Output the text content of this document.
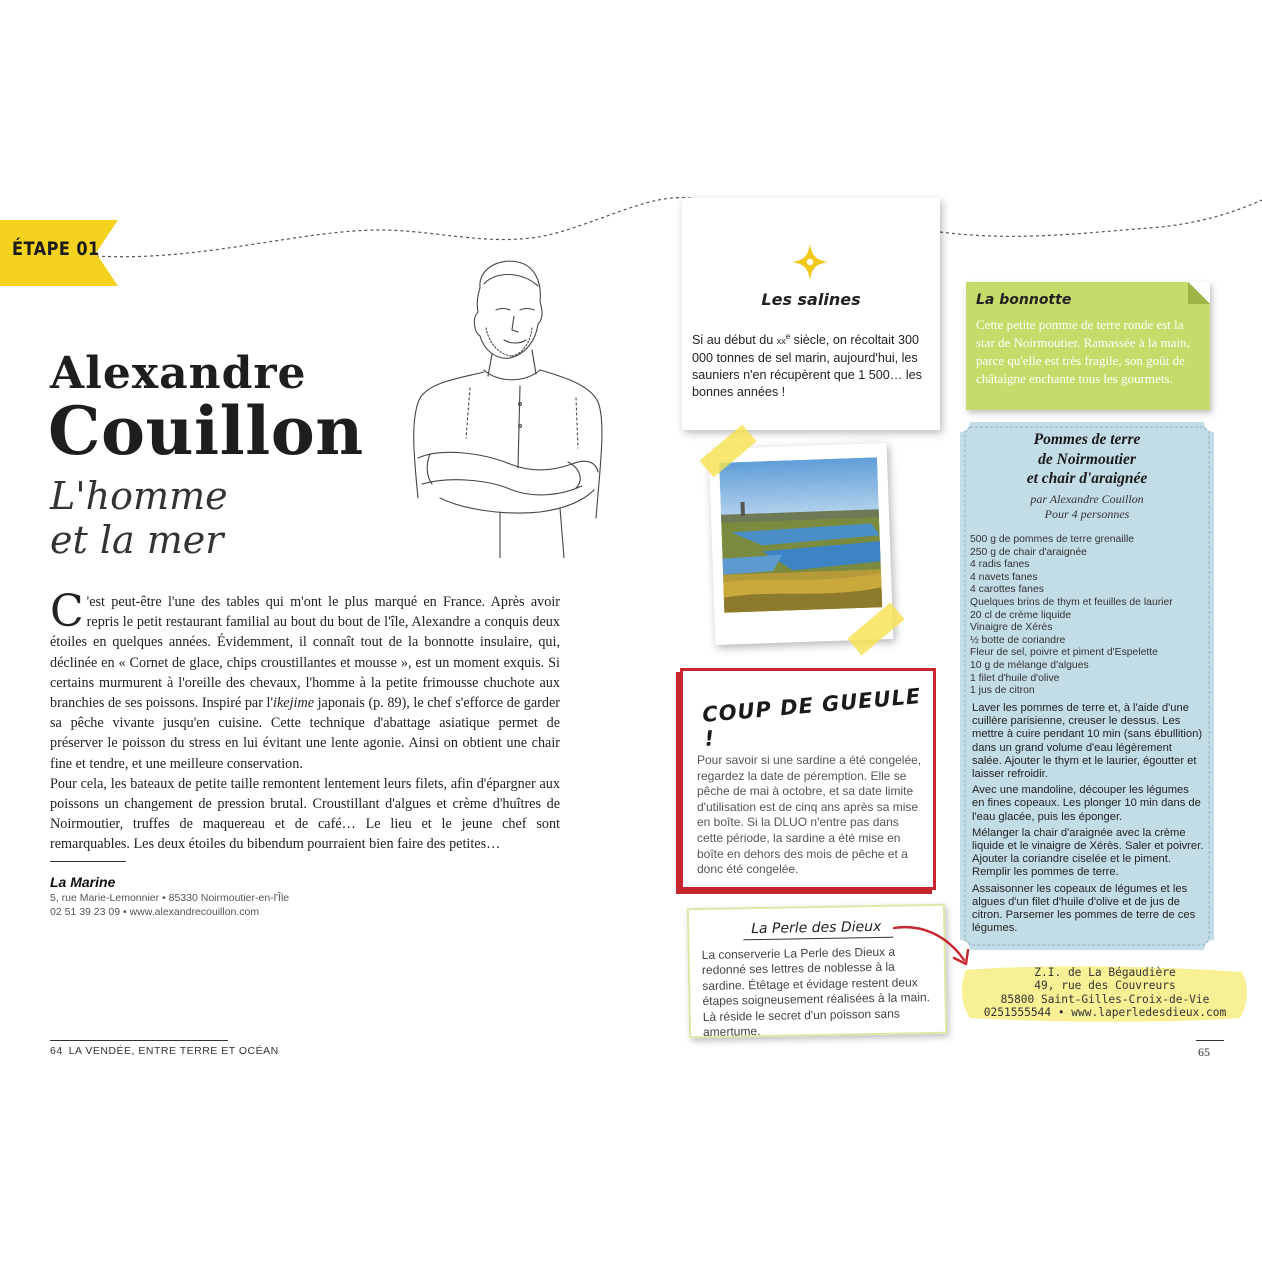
ÉTAPE 01
Alexandre
Couillon
L'homme
et la mer

C 'est peut-être l'une des tables qui m'ont le plus marqué en France. Après avoir repris le petit restaurant familial au bout du bout de l'île, Alexandre a conquis deux étoiles en quelques années. Évidemment, il connaît tout de la bonnotte insulaire, qui, déclinée en « Cornet de glace, chips croustillantes et mousse », est un moment exquis. Si certains murmurent à l'oreille des chevaux, l'homme à la petite frimousse chuchote aux branchies de ses poissons. Inspiré par l'ikejime japonais (p. 89), le chef s'efforce de garder sa pêche vivante jusqu'en cuisine. Cette technique d'abattage asiatique permet de préserver le poisson du stress en lui évitant une lente agonie. Ainsi on obtient une chair fine et tendre, et une meilleure conservation.

Pour cela, les bateaux de petite taille remontent lentement leurs filets, afin d'épargner aux poissons un changement de pression brutal. Croustillant d'algues et crème d'huîtres de Noirmoutier, truffes de maquereau et de café… Le lieu et le jeune chef sont remarquables. Les deux étoiles du bibendum pourraient bien faire des petites…

La Marine
5, rue Marie-Lemonnier • 85330 Noirmoutier-en-l'Île
02 51 39 23 09 • www.alexandrecouillon.com
64 LA VENDÉE, ENTRE TERRE ET OCÉAN	65
Les salines
Si au début du $xx^e$ siècle, on récoltait 300 000 tonnes de sel marin, aujourd'hui, les sauniers n'en récupèrent que 1 500… les bonnes années !
La bonnotte
Cette petite pomme de terre ronde est la star de Noirmoutier. Ramassée à la main, parce qu'elle est très fragile, son goût de châtaigne enchante tous les gourmets.
COUP DE GUEULE !
Pour savoir si une sardine a été congelée, regardez la date de péremption. Elle se pêche de mai à octobre, et sa date limite d'utilisation est de cinq ans après sa mise en boîte. Si la DLUO n'entre pas dans cette période, la sardine a été mise en boîte en dehors des mois de pêche et a donc été congelée.
La Perle des Dieux
La conserverie La Perle des Dieux a redonné ses lettres de noblesse à la sardine. Étêtage et évidage restent deux étapes soigneusement réalisées à la main. Là réside le secret d'un poisson sans amertume.
Pommes de terre
de Noirmoutier
et chair d'araignée
par Alexandre Couillon
Pour 4 personnes
500 g de pommes de terre grenaille
250 g de chair d'araignée
4 radis fanes
4 navets fanes
4 carottes fanes
Quelques brins de thym et feuilles de laurier
20 cl de crème liquide
Vinaigre de Xérès
½ botte de coriandre
Fleur de sel, poivre et piment d'Espelette
10 g de mélange d'algues
1 filet d'huile d'olive
1 jus de citron

Laver les pommes de terre et, à l'aide d'une cuillère parisienne, creuser le dessus. Les mettre à cuire pendant 10 min (sans ébullition) dans un grand volume d'eau légèrement salée. Ajouter le thym et le laurier, égoutter et laisser refroidir.

Avec une mandoline, découper les légumes en fines copeaux. Les plonger 10 min dans de l'eau glacée, puis les éponger.

Mélanger la chair d'araignée avec la crème liquide et le vinaigre de Xérès. Saler et poivrer. Ajouter la coriandre ciselée et le piment. Remplir les pommes de terre.

Assaisonner les copeaux de légumes et les algues d'un filet d'huile d'olive et de jus de citron. Parsemer les pommes de terre de ces légumes.

Z.I. de La Bégaudière
49, rue des Couvreurs
85800 Saint-Gilles-Croix-de-Vie
0251555544 • www.laperledesdieux.com
